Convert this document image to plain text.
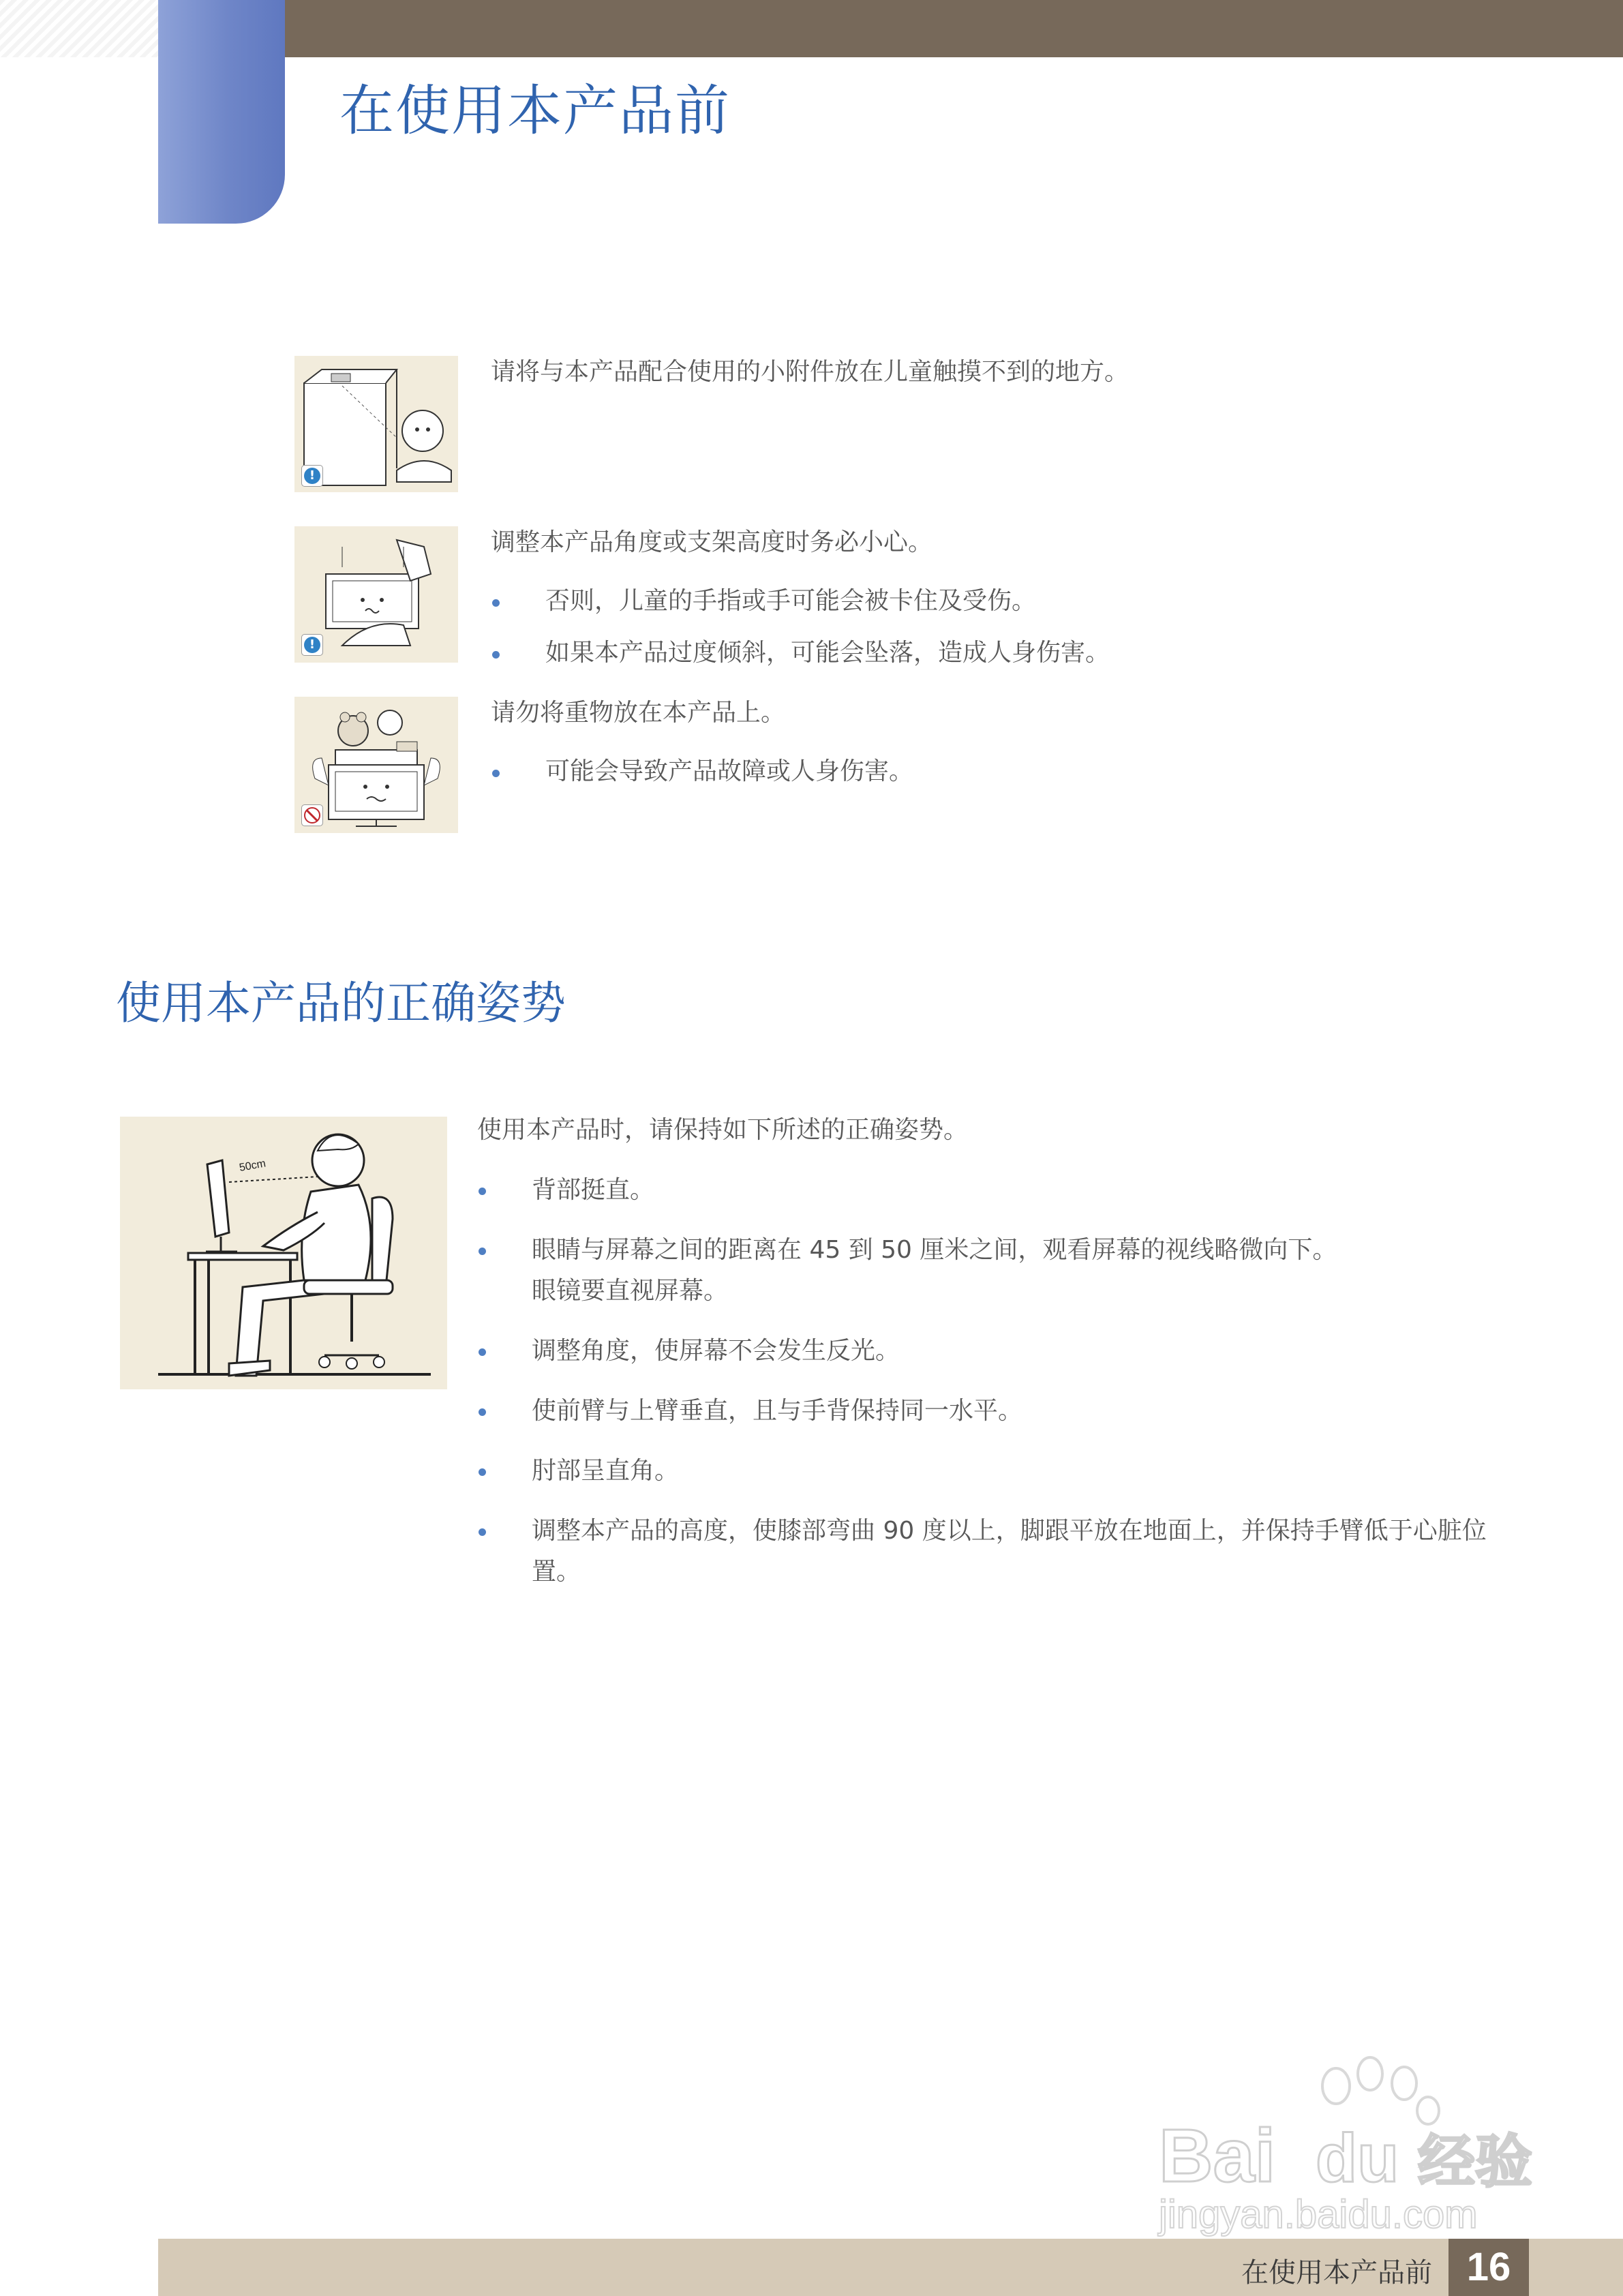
在使用本产品前
!

请将与本产品配合使用的小附件放在儿童触摸不到的地方。

!

调整本产品角度或支架高度时务必小心。

否则，儿童的手指或手可能会被卡住及受伤。

如果本产品过度倾斜，可能会坠落，造成人身伤害。

请勿将重物放在本产品上。

可能会导致产品故障或人身伤害。

使用本产品的正确姿势
50cm

使用本产品时，请保持如下所述的正确姿势。

背部挺直。

眼睛与屏幕之间的距离在 45 到 50 厘米之间，观看屏幕的视线略微向下。

眼镜要直视屏幕。

调整角度，使屏幕不会发生反光。

使前臂与上臂垂直，且与手背保持同一水平。

肘部呈直角。

调整本产品的高度，使膝部弯曲 90 度以上，脚跟平放在地面上，并保持手臂低于心脏位置。

Bai du 经验
jingyan.baidu.com
在使用本产品前 16
